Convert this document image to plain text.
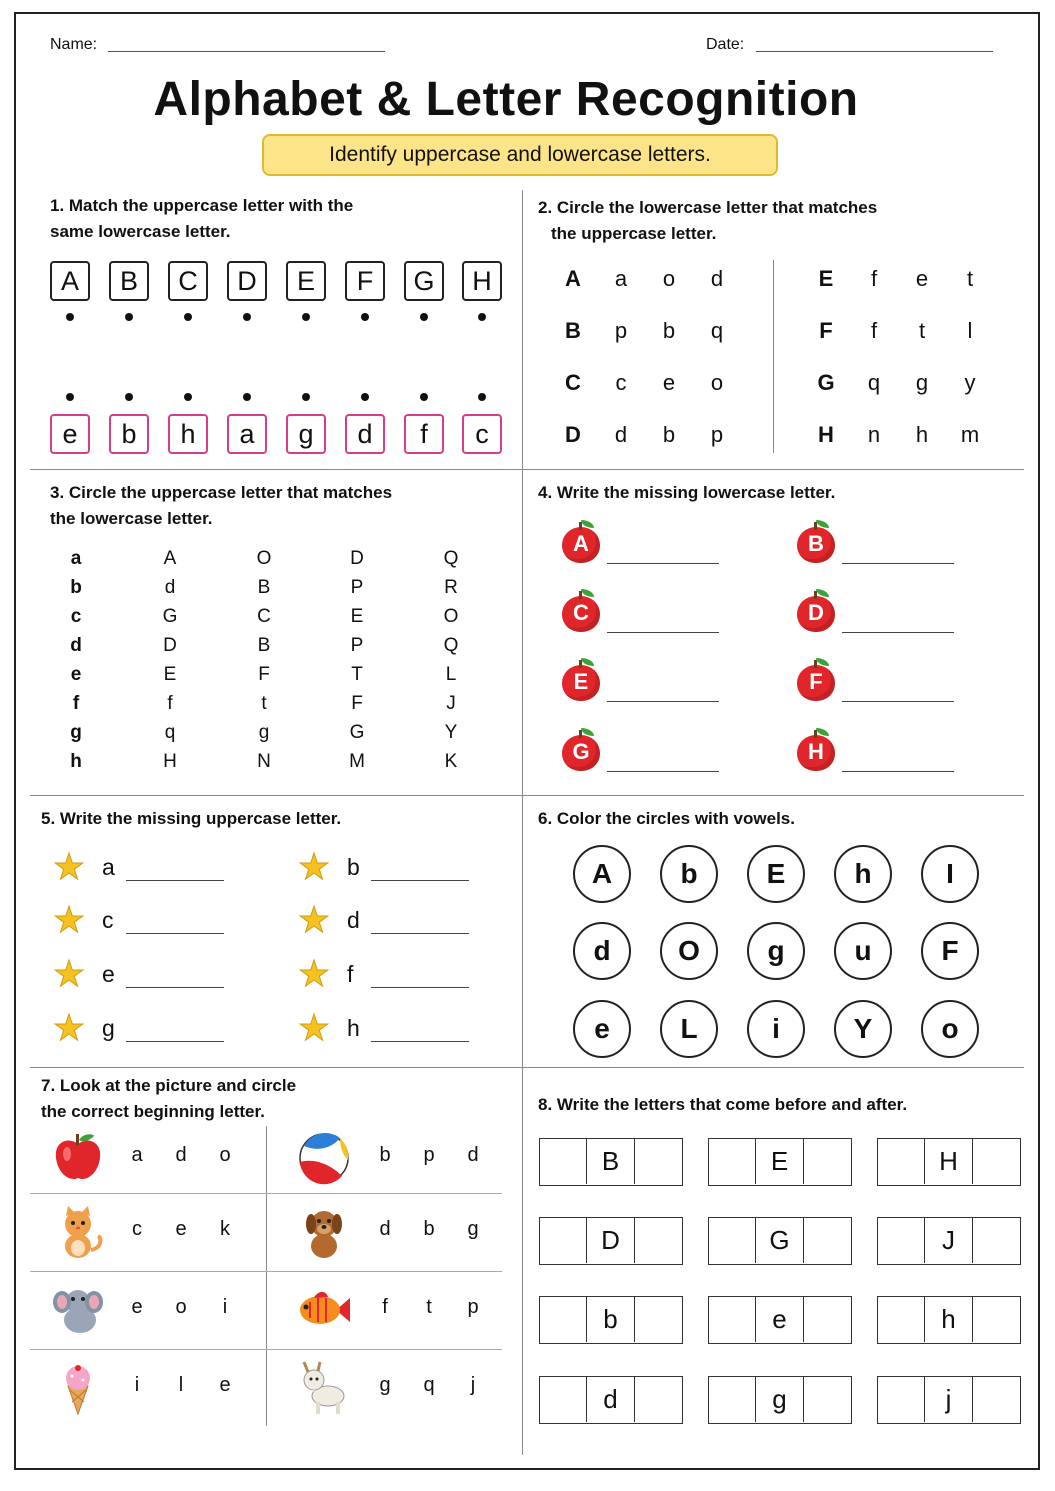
Name:	Date:
Alphabet & Letter Recognition
Identify uppercase and lowercase letters.
1. Match the uppercase letter with the
same lowercase letter.
2. Circle the lowercase letter that matches
the uppercase letter.
3. Circle the uppercase letter that matches
the lowercase letter.
4. Write the missing lowercase letter.
5. Write the missing uppercase letter.	6. Color the circles with vowels.
7. Look at the picture and circle
the correct beginning letter.	8. Write the letters that come before and after.
A	B	C	D	E	F	G	H
e	b	h	a	g	d	f	c
A	a	o	d
B	p	b	q
C	c	e	o
D	d	b	p
E	f	e	t
F	f	t	l
G	q	g	y
H	n	h	m
a	A	O	D	Q
b	d	B	P	R
c	G	C	E	O
d	D	B	P	Q
e	E	F	T	L
f	f	t	F	J
g	q	g	G	Y
h	H	N	M	K
A	B
C	D
E	F
G	H
★ a	★ b
★ c	★ d
★ e	★ f
★ g	★ h
A	b	E	h	I
d	O	g	u	F
e	L	i	Y	o
a	d	o	b	p	d
c	e	k	d	b	g
e	o	i	f	t	p
i	l	e	g	q	j
B	E	H
D	G	J
b	e	h
d	g	j
